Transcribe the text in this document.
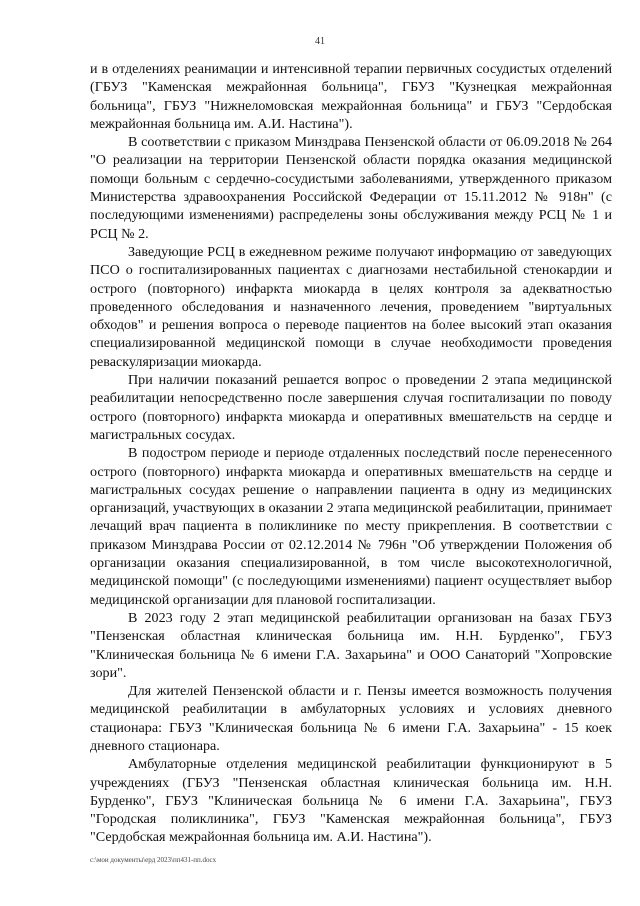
41

и в отделениях реанимации и интенсивной терапии первичных сосудистых отделений (ГБУЗ "Каменская межрайонная больница", ГБУЗ "Кузнецкая межрайонная больница", ГБУЗ "Нижнеломовская межрайонная больница" и ГБУЗ "Сердобская межрайонная больница им. А.И. Настина").

В соответствии с приказом Минздрава Пензенской области от 06.09.2018 № 264 "О реализации на территории Пензенской области порядка оказания медицинской помощи больным с сердечно-сосудистыми заболеваниями, утвержденного приказом Министерства здравоохранения Российской Федерации от 15.11.2012 № 918н" (с последующими изменениями) распределены зоны обслуживания между РСЦ № 1 и РСЦ № 2.

Заведующие РСЦ в ежедневном режиме получают информацию от заведующих ПСО о госпитализированных пациентах с диагнозами нестабильной стенокардии и острого (повторного) инфаркта миокарда в целях контроля за адекватностью проведенного обследования и назначенного лечения, проведением "виртуальных обходов" и решения вопроса о переводе пациентов на более высокий этап оказания специализированной медицинской помощи в случае необходимости проведения реваскуляризации миокарда.

При наличии показаний решается вопрос о проведении 2 этапа медицинской реабилитации непосредственно после завершения случая госпитализации по поводу острого (повторного) инфаркта миокарда и оперативных вмешательств на сердце и магистральных сосудах.

В подостром периоде и периоде отдаленных последствий после перенесенного острого (повторного) инфаркта миокарда и оперативных вмешательств на сердце и магистральных сосудах решение о направлении пациента в одну из медицинских организаций, участвующих в оказании 2 этапа медицинской реабилитации, принимает лечащий врач пациента в поликлинике по месту прикрепления. В соответствии с приказом Минздрава России от 02.12.2014 № 796н "Об утверждении Положения об организации оказания специализированной, в том числе высокотехнологичной, медицинской помощи" (с последующими изменениями) пациент осуществляет выбор медицинской организации для плановой госпитализации.

В 2023 году 2 этап медицинской реабилитации организован на базах ГБУЗ "Пензенская областная клиническая больница им. Н.Н. Бурденко", ГБУЗ "Клиническая больница № 6 имени Г.А. Захарьина" и ООО Санаторий "Хопровские зори".

Для жителей Пензенской области и г. Пензы имеется возможность получения медицинской реабилитации в амбулаторных условиях и условиях дневного стационара: ГБУЗ "Клиническая больница № 6 имени Г.А. Захарьина" - 15 коек дневного стационара.

Амбулаторные отделения медицинской реабилитации функционируют в 5 учреждениях (ГБУЗ "Пензенская областная клиническая больница им. Н.Н. Бурденко", ГБУЗ "Клиническая больница № 6 имени Г.А. Захарьина", ГБУЗ "Городская поликлиника", ГБУЗ "Каменская межрайонная больница", ГБУЗ "Сердобская межрайонная больница им. А.И. Настина").

c:\мои документы\ерд 2023\пп431-пп.docx
